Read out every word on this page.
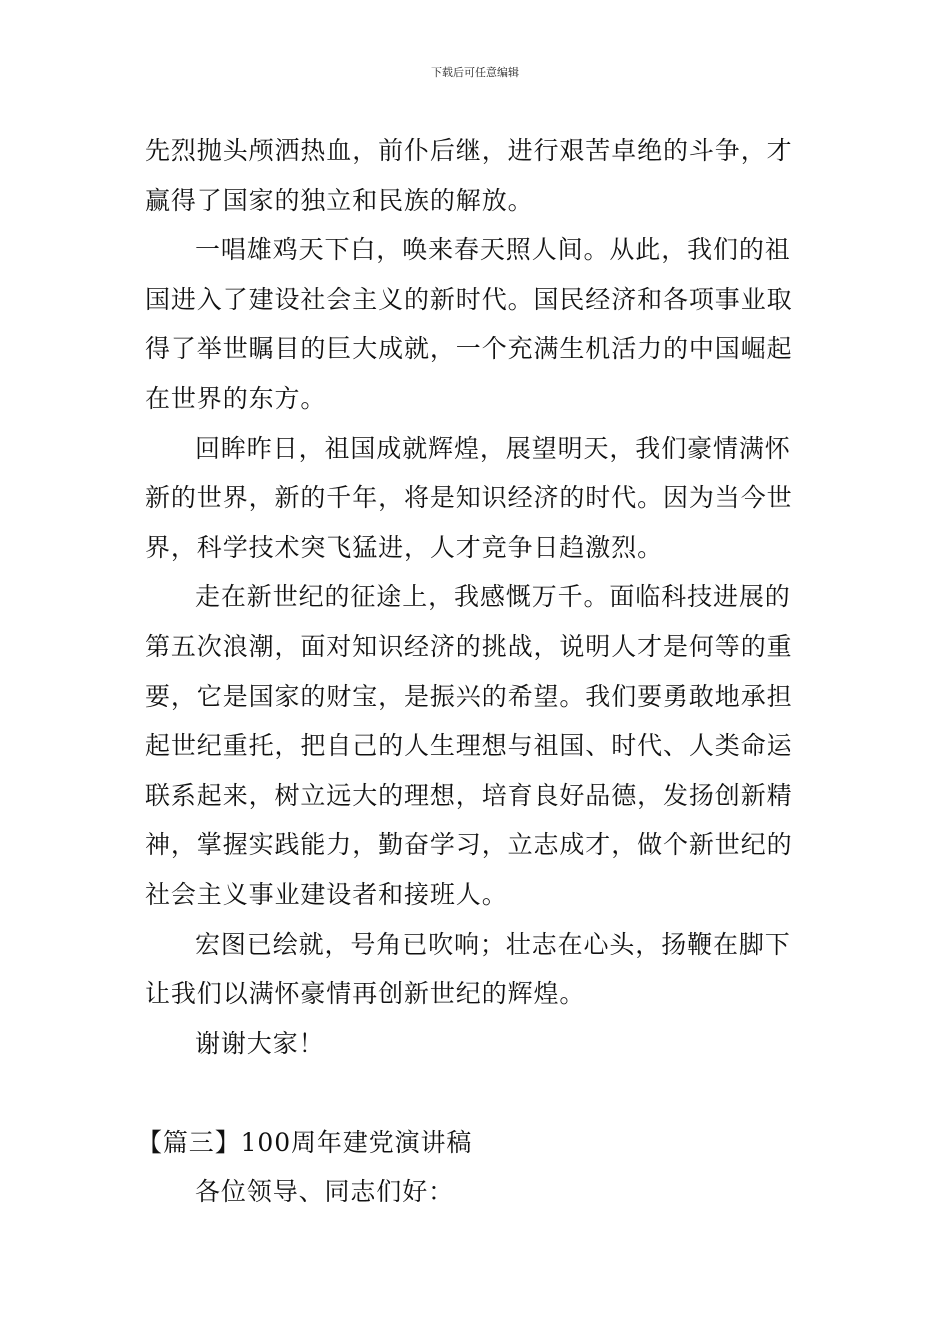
下载后可任意编辑

先烈抛头颅洒热血，前仆后继，进行艰苦卓绝的斗争，才
赢得了国家的独立和民族的解放。

一唱雄鸡天下白，唤来春天照人间。从此，我们的祖
国进入了建设社会主义的新时代。国民经济和各项事业取
得了举世瞩目的巨大成就，一个充满生机活力的中国崛起
在世界的东方。

回眸昨日，祖国成就辉煌，展望明天，我们豪情满怀
新的世界，新的千年，将是知识经济的时代。因为当今世
界，科学技术突飞猛进，人才竞争日趋激烈。

走在新世纪的征途上，我感慨万千。面临科技进展的
第五次浪潮，面对知识经济的挑战，说明人才是何等的重
要，它是国家的财宝，是振兴的希望。我们要勇敢地承担
起世纪重托，把自己的人生理想与祖国、时代、人类命运
联系起来，树立远大的理想，培育良好品德，发扬创新精
神，掌握实践能力，勤奋学习，立志成才，做个新世纪的
社会主义事业建设者和接班人。

宏图已绘就，号角已吹响；壮志在心头，扬鞭在脚下
让我们以满怀豪情再创新世纪的辉煌。

谢谢大家！

【篇三】100周年建党演讲稿

各位领导、同志们好：
